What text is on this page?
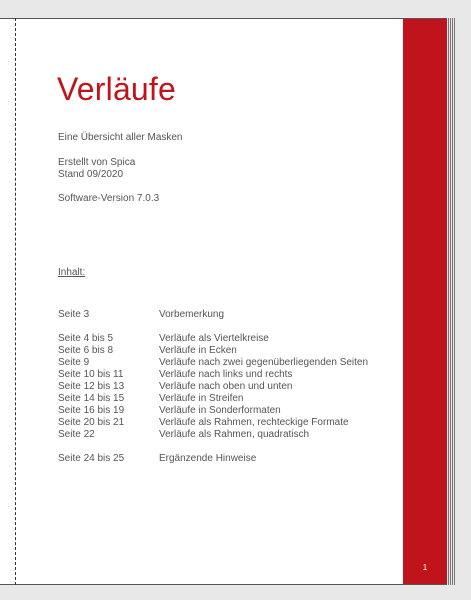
Verläufe

Eine Übersicht aller Masken

Erstellt von Spica

Stand 09/2020

Software-Version 7.0.3

Inhalt:

Seite 3	Vorbemerkung
Seite 4 bis 5	Verläufe als Viertelkreise
Seite 6 bis 8	Verläufe in Ecken
Seite 9	Verläufe nach zwei gegenüberliegenden Seiten
Seite 10 bis 11	Verläufe nach links und rechts
Seite 12 bis 13	Verläufe nach oben und unten
Seite 14 bis 15	Verläufe in Streifen
Seite 16 bis 19	Verläufe in Sonderformaten
Seite 20 bis 21	Verläufe als Rahmen, rechteckige Formate
Seite 22	Verläufe als Rahmen, quadratisch
Seite 24 bis 25	Ergänzende Hinweise
1
